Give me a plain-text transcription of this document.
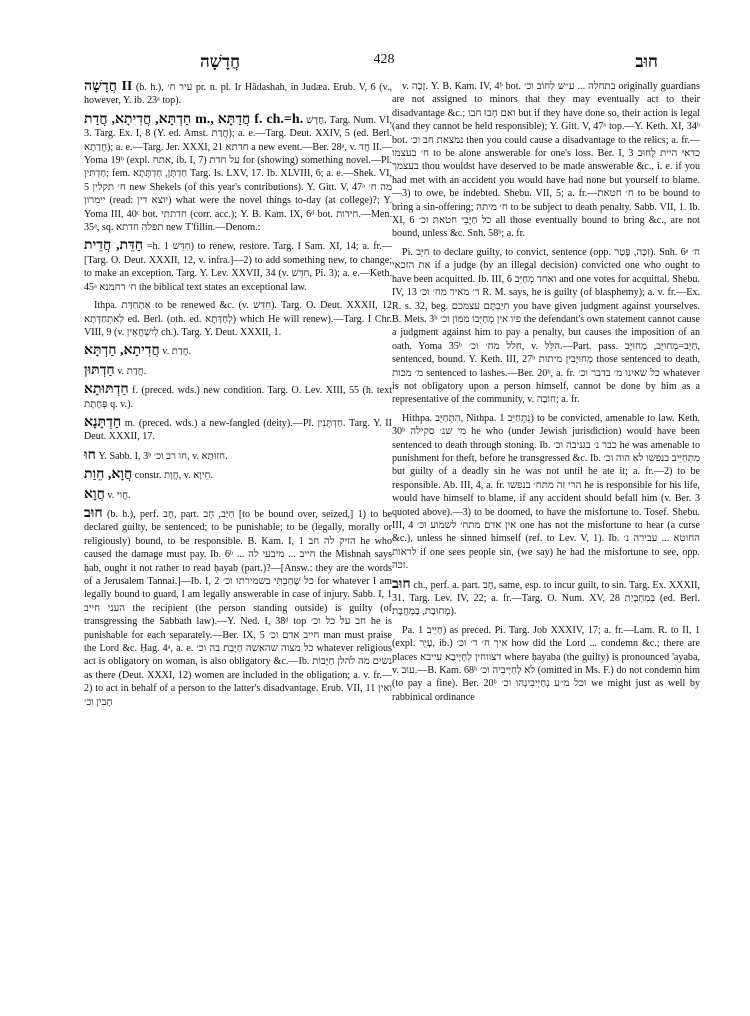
חֲדָשָׁה	428	חוּב

חֲדָשָׁה II (b. h.), עיר ח׳ pr. n. pl. Ir Hădashah, in Judæa. Erub. V, 6 (v., however, Y. ib. 23ᵃ top).

חַדְתָּא, חֲדִיתָא, חֲדַת m., חֲדַתָּא f. ch.=h. חָדָשׁ. Targ. Num. VI, 3. Targ. Ex. I, 8 (Y. ed. Amst. חֲדַת); a. e.—Targ. Deut. XXIV, 5 (ed. Berl. חֲדַתָא); a. e.—Targ. Jer. XXXI, 21 חדתא a new event.—Ber. 28ᵃ, v. חֲד II.—Yoma 19ᵇ (expl. אתח, ib. I, 7) על חדת for (showing) something novel.—Pl. חַדְתִּין; fem. חַדְתָּן, חַדְתָּתָא Targ. Is. LXV, 17. Ib. XLVIII, 6; a. e.—Shek. VI, 5 ח׳ תקלין new Shekels (of this year's contributions). Y. Gitt. V, 47ᵃ מה ח׳ יימרון (read: יוצא דין) what were the novel things to-day (at college)?; Y. Yoma III, 40ᶜ bot. חדתתי (corr. acc.); Y. B. Kam. IX, 6ᵈ bot. חידות.—Men. 35ᵃ, sq. תפלה חדתא new T'fillin.—Denom.:

חַדֵּת, חֲדֵית =h. חִדֵּשׁ 1) to renew, restore. Targ. I Sam. XI, 14; a. fr.—[Targ. O. Deut. XXXII, 12, v. infra.]—2) to add something new, to change; to make an exception. Targ. Y. Lev. XXVII, 34 (v. חִדֵּשׁ, Pi. 3); a. e.—Keth. 45ᵃ ח׳ רחמנא the biblical text states an exceptional law.

Ithpa. אִתְחַדַּת to be renewed &c. (v. חִדֵּשׁ). Targ. O. Deut. XXXII, 12 לְאִתְחַדָּתָא ed. Berl. (oth. ed. לְחַדָּתָא) which He will renew).—Targ. I Chr. VIII, 9 (v. לְיִשְׁחֲאֵין ch.). Targ. Y. Deut. XXXII, 1.

חֲדִיתָא, חַדְתָּא v. חֲדַת.

חַדְתּוּן v. חֲדַת.

חַדְתּוּתָא f. (preced. wds.) new condition. Targ. O. Lev. XIII, 55 (h. text פְּחֶתֶת q. v.).

חַדְתָּנָא m. (preced. wds.) a new-fangled (deity).—Pl. חַדְתָּנִין. Targ. Y. II Deut. XXXII, 17.

חוּ Y. Sabb. I, 3ᵇ חו רב וכ׳, v. חזוּתָא.

חֲוָא, חֵוַת constr. חֲוָת, v. חֵיוָא.

חֲוָא v. חֲוִי.

חוּב (b. h.), perf. חָב, part. חַיָּב, חָב [to be bound over, seized,] 1) to be declared guilty, be sentenced; to be punishable; to be (legally, morally or religiously) bound, to be responsible. B. Kam. I, 1 הזיק לה חב he who caused the damage must pay. Ib. 6ᵇ ... חייב ... מיבעי לה the Mishnah says ḥab, ought it not rather to read ḥayab (part.)?—[Answ.: they are the words of a Jerusalem Tannai.]—Ib. I, 2 כל שֶׁחַבְתִּי בשמירתו וכ׳ for whatever I am legally bound to guard, I am legally answerable in case of injury. Sabb. I, 1 העני חייב the recipient (the person standing outside) is guilty (of transgressing the Sabbath law).—Y. Ned. I, 38ᵈ top חב על כל וכ׳ he is punishable for each separately.—Ber. IX, 5 חייב אדם וכ׳ man must praise the Lord &c. Ḥag. 4ᵃ, a. e. כל מצוה שהאשה חַיֶּבֶת בה וכ׳ whatever religious act is obligatory on woman, is also obligatory &c.—Ib. נשים מה להלן חַיָּבוֹת as there (Deut. XXXI, 12) women are included in the obligation; a. v. fr.—2) to act in behalf of a person to the latter's disadvantage. Erub. VII, 11 ואין חָבִין וכ׳

v. זָכָה. Y. B. Kam. IV, 4ᵇ bot. בתחלה ... ע״ש לְחוֹב וכ׳ originally guardians are not assigned to minors that they may eventually act to their disadvantage &c.; ואם חָבוּ חבו but if they have done so, their action is legal (and they cannot be held responsible); Y. Gitt. V, 47ᵃ top.—Y. Keth. XI, 34ᵇ bot. נמצאת חב וכ׳ then you could cause a disadvantage to the relics; a. fr.—ח׳ בעצמו to be alone answerable for one's loss. Ber. I, 3 כדאי היית לָחוּב בעצמך thou wouldst have deserved to be made answerable &c., i. e. if you had met with an accident you would have had none but yourself to blame.—3) to owe, be indebted. Shebu. VII, 5; a. fr.—ח׳ חטאת to be bound to bring a sin-offering; ח׳ מיתה to be subject to death penalty. Sabb. VII, 1. Ib. XI, 6 כל חַיָּבֵי חטאת וכ׳ all those eventually bound to bring &c., are not bound, unless &c. Snh. 58ᵇ; a. fr.

Pi. חִיֵּב to declare guilty, to convict, sentence (opp. זִכָּה, פָּטַר). Snh. 6ᵃ ח׳ את הזכאי if a judge (by an illegal decision) convicted one who ought to have been acquitted. Ib. III, 6 ואחד מְחַיֵּב and one votes for acquittal. Shebu. IV, 13 ר׳ מאיר מח׳ וכ׳ R. M. says, he is guilty (of blasphemy); a. v. fr.—Ex. R. s. 32, beg. חִיַּבְתֶּם עצמכם you have given judgment against yourselves. B. Mets. 3ᵇ פיו אין מְחַיְּבוֹ מִמּוֹן וכ׳ the defendant's own statement cannot cause a judgment against him to pay a penalty, but causes the imposition of an oath. Yoma 35ᵇ חלל מח׳ וכ׳, v. הִלֵּל.—Part. pass. חַיָּב=מְחוּיָּב, מְחוּיָּב, sentenced, bound. Y. Keth. III, 27ᵇ מְחוּיָּבִין מיתות those sentenced to death, מ׳ מכות sentenced to lashes.—Ber. 20ᵇ, a. fr. כל שאינו מ׳ בדבר וכ׳ whatever is not obligatory upon a person himself, cannot be done by him as a representative of the community, v. חוֹבָה; a. fr.

Hithpa. הִתְחַיֵּב, Nithpa. נִתְחַיֵּב 1) to be convicted, amenable to law. Keth. 30ᵇ מי שנ׳ סקילה he who (under Jewish jurisdiction) would have been sentenced to death through stoning. Ib. כבר נ׳ בגניבה וכ׳ he was amenable to punishment for theft, before he transgressed &c. Ib. מִתְחַיֵּיב בנפשו לא הוה וכ׳ but guilty of a deadly sin he was not until he ate it; a. fr.—2) to be responsible. Ab. III, 4, a. fr. הרי זה מתח׳ בנפשו he is responsible for his life, would have himself to blame, if any accident should befall him (v. Ber. 3 quoted above).—3) to be doomed, to have the misfortune to. Tosef. Shebu. III, 4 אין אדם מתח׳ לשמוע וכ׳ one has not the misfortune to hear (a curse &c.), unless he sinned himself (ref. to Lev. V, 1). Ib. החוטא ... עבירה נ׳ לראות if one sees people sin, (we say) he had the misfortune to see, opp. זכה.

חוּב ch., perf. a. part. חָב, same, esp. to incur guilt, to sin. Targ. Ex. XXXII, 31. Targ. Lev. IV, 22; a. fr.—Targ. O. Num. XV, 28 בְּמִחְבְּיַת (ed. Berl. מְחוּבָת, בַמְחֲבָת).

Pa. חַיֵּיב 1) as preced. Pi. Targ. Job XXXIV, 17; a. fr.—Lam. R. to II, 1 (expl. עָיֵר, ib.) איך ח׳ ר׳ וכ׳ how did the Lord ... condemn &c.; there are places דצווחין לְחַיָּיבָא עייבא where ḥayaba (the guilty) is pronounced 'ayaba, v. עוּב.—B. Kam. 68ᵇ לא לְחַיְּיבֵיה וכ׳ (omitted in Ms. F.) do not condemn him (to pay a fine). Ber. 20ᵇ וכל מ״ע נְחַיְּיבִינְהוּ וכ׳ we might just as well by rabbinical ordinance
